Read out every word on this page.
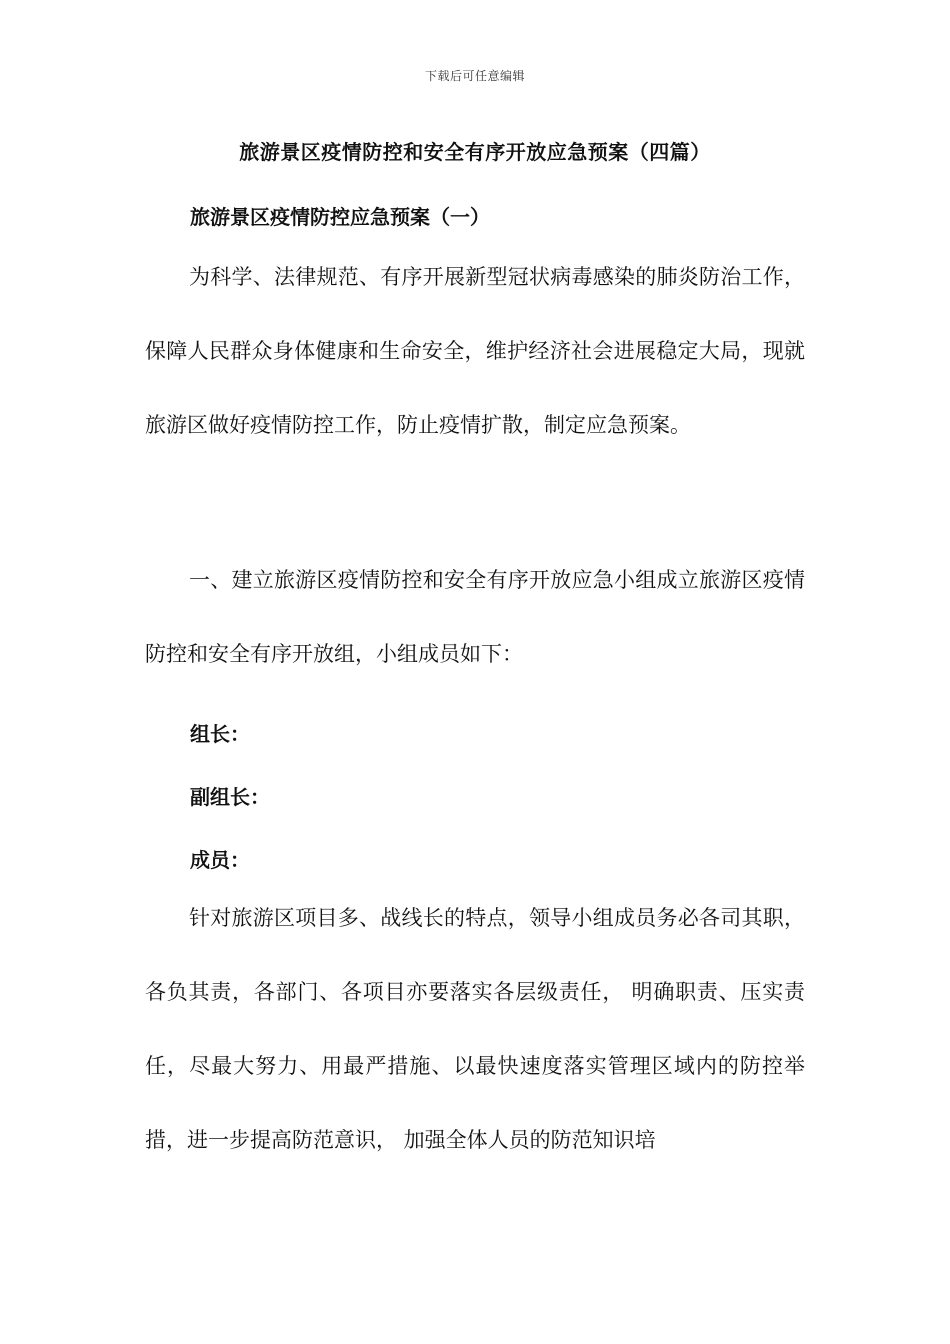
下载后可任意编辑
旅游景区疫情防控和安全有序开放应急预案（四篇）
旅游景区疫情防控应急预案（一）
为科学、法律规范、有序开展新型冠状病毒感染的肺炎防治工作，保障人民群众身体健康和生命安全，维护经济社会进展稳定大局，现就旅游区做好疫情防控工作，防止疫情扩散，制定应急预案。
一、建立旅游区疫情防控和安全有序开放应急小组成立旅游区疫情防控和安全有序开放组，小组成员如下：
组长：
副组长：
成员：
针对旅游区项目多、战线长的特点，领导小组成员务必各司其职，各负其责，各部门、各项目亦要落实各层级责任， 明确职责、压实责任，尽最大努力、用最严措施、以最快速度落实管理区域内的防控举措，进一步提高防范意识， 加强全体人员的防范知识培
